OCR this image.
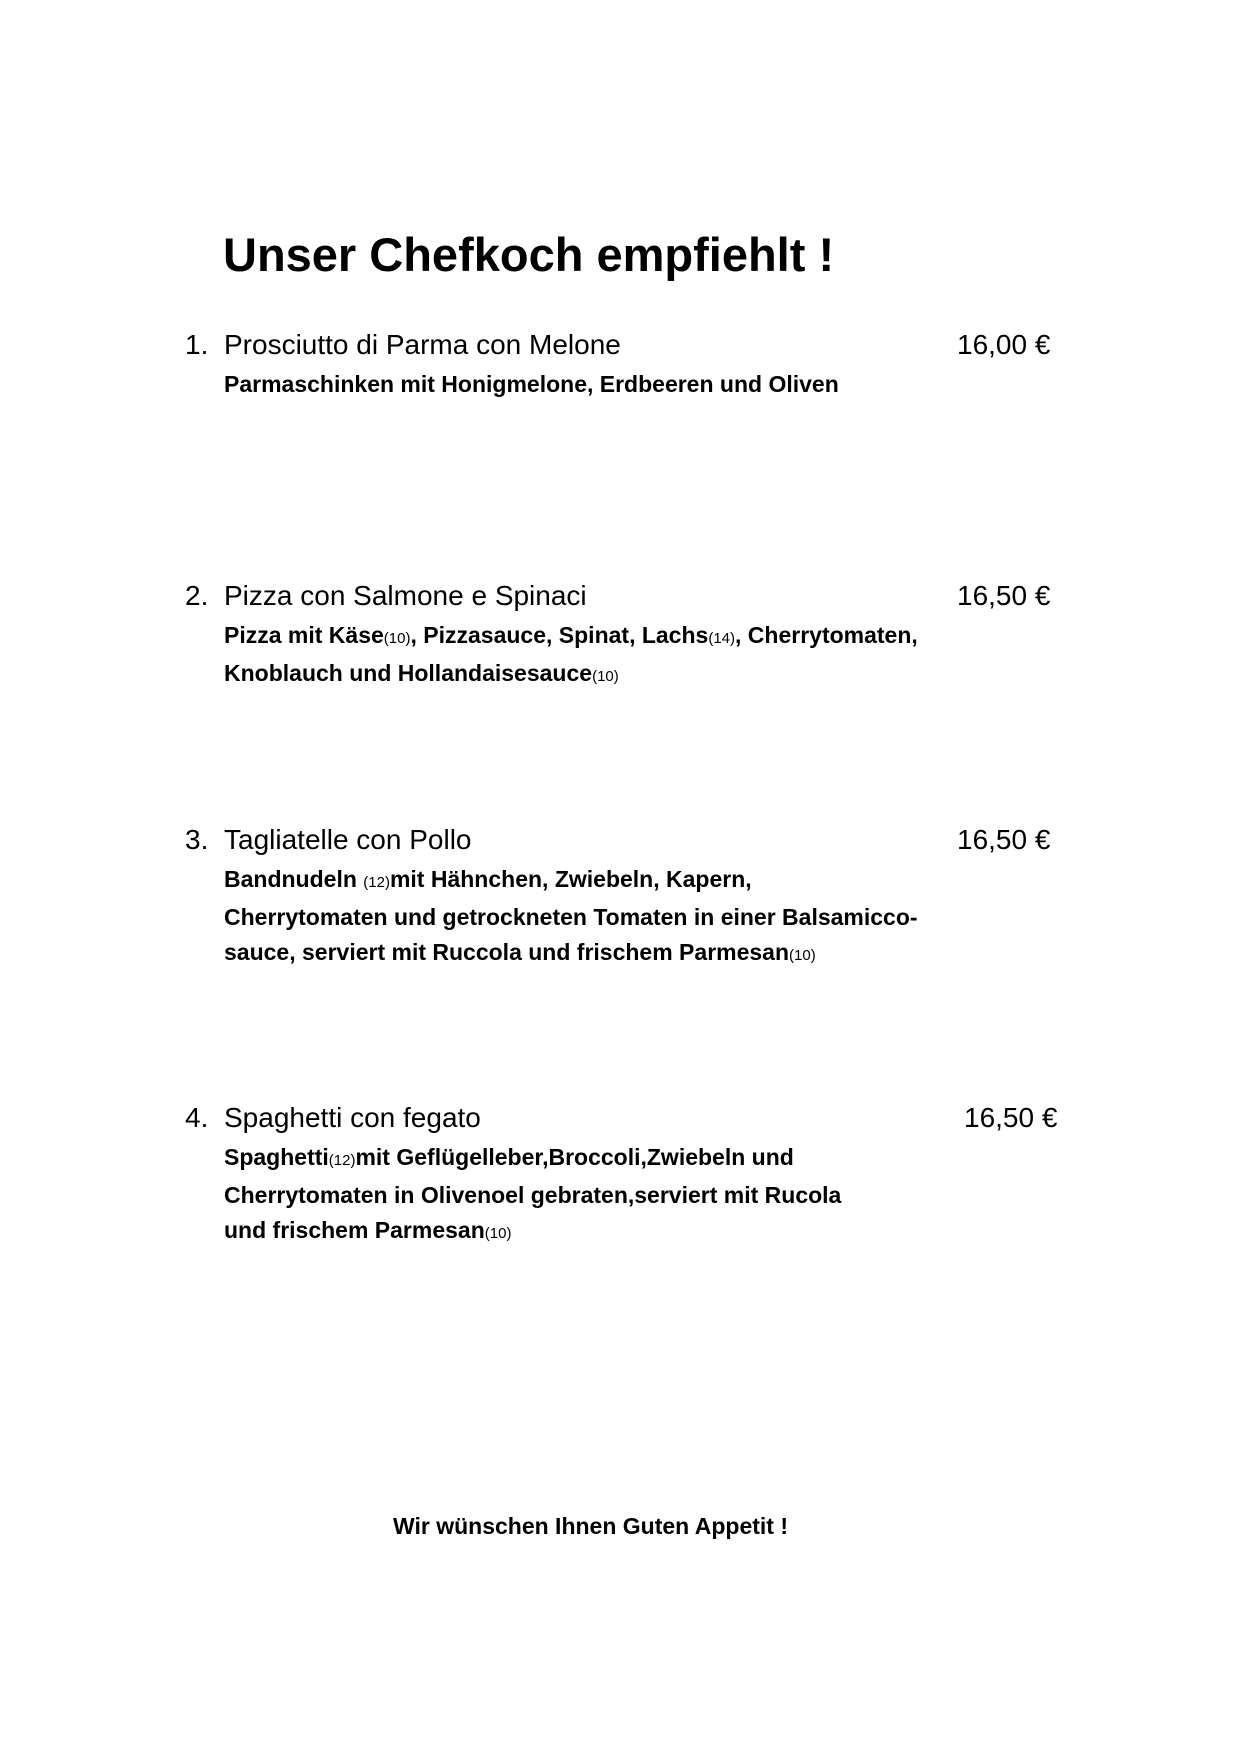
Unser Chefkoch empfiehlt !
1. Prosciutto di Parma con Melone	16,00 €
Parmaschinken mit Honigmelone, Erdbeeren und Oliven
2. Pizza con Salmone e Spinaci	16,50 €
Pizza mit Käse(10), Pizzasauce, Spinat, Lachs(14), Cherrytomaten,
Knoblauch und Hollandaisesauce(10)
3. Tagliatelle con Pollo	16,50 €
Bandnudeln (12)mit Hähnchen, Zwiebeln, Kapern,
Cherrytomaten und getrockneten Tomaten in einer Balsamicco-
sauce, serviert mit Ruccola und frischem Parmesan(10)
4. Spaghetti con fegato	16,50 €
Spaghetti(12)mit Geflügelleber,Broccoli,Zwiebeln und
Cherrytomaten in Olivenoel gebraten,serviert mit Rucola
und frischem Parmesan(10)
Wir wünschen Ihnen Guten Appetit !
